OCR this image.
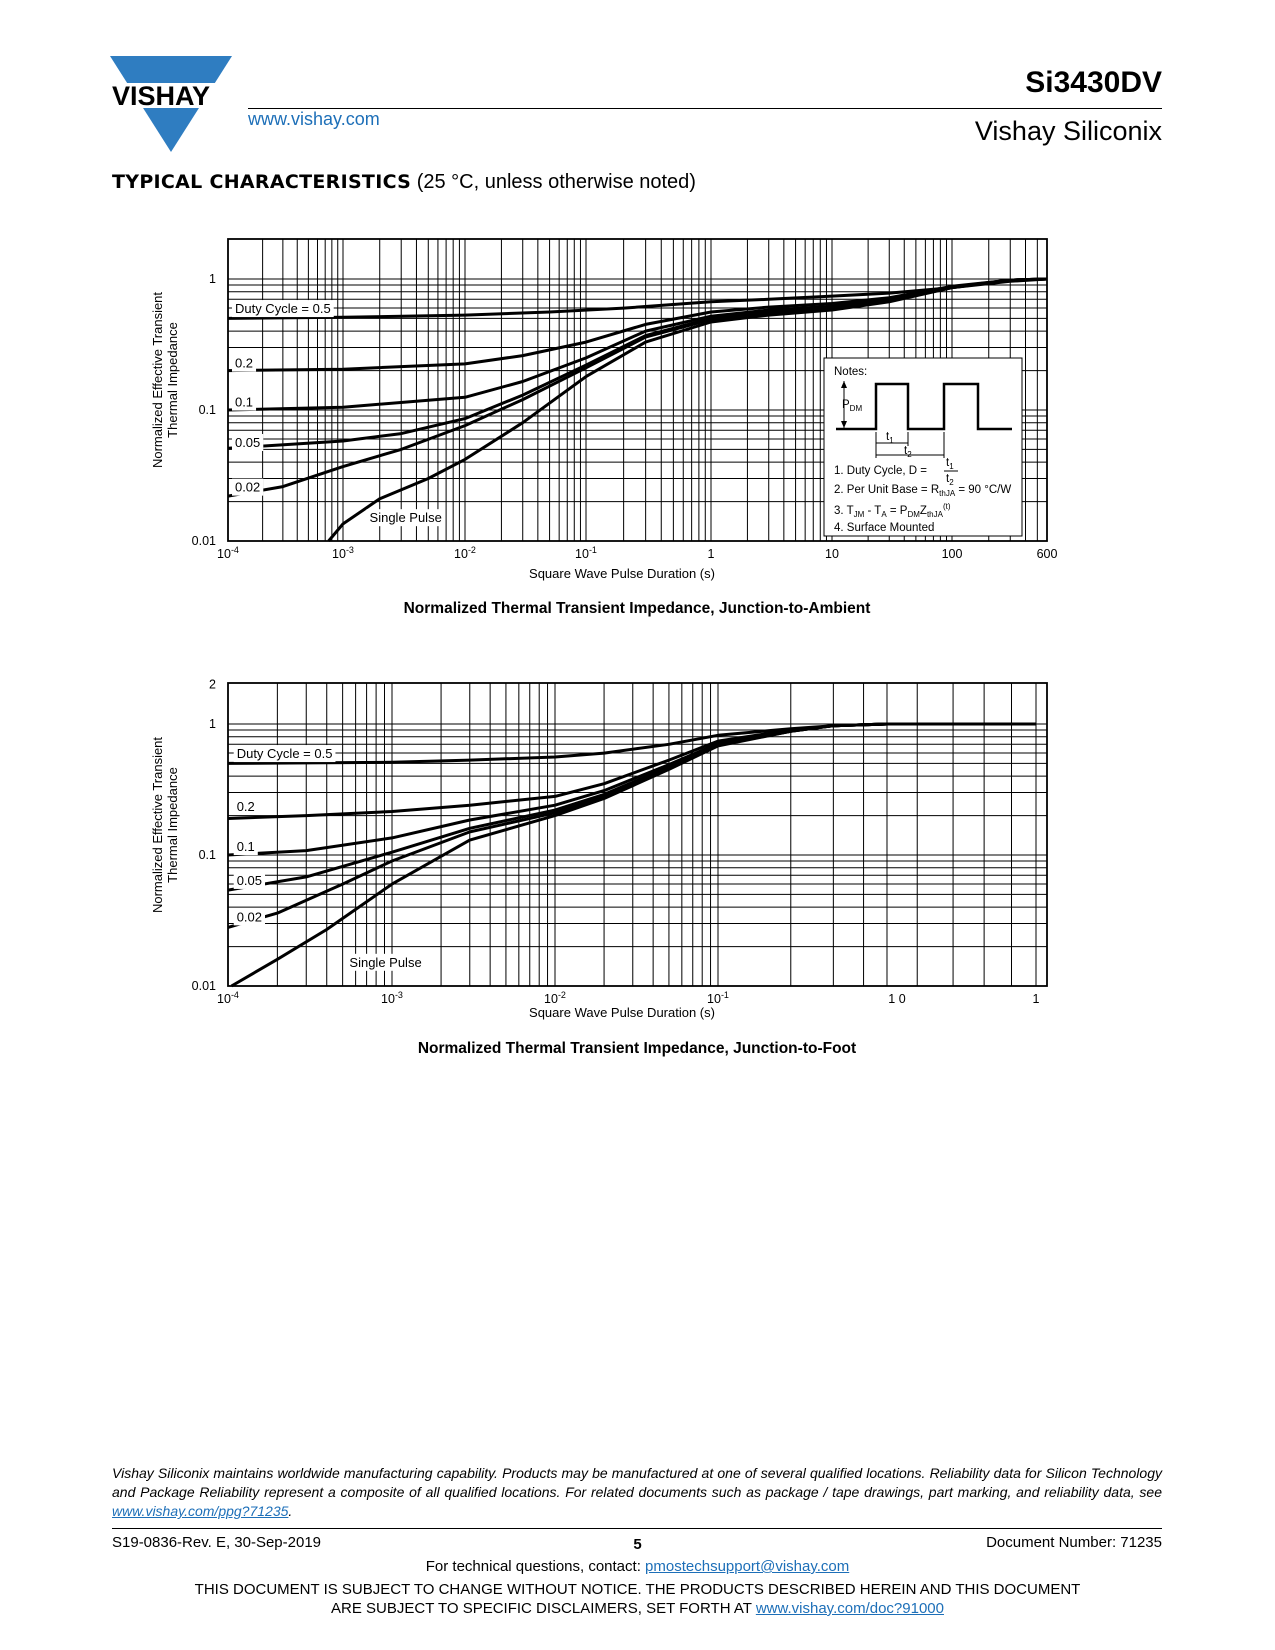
VISHAY
www.vishay.com
Si3430DV
Vishay Siliconix
TYPICAL CHARACTERISTICS (25 °C, unless otherwise noted)
Duty Cycle = 0.5
0.2
0.1
0.05
0.02
Single Pulse
$10^{-4}$	$10^{-3}$	$10^{-2}$	$10^{-1}$	1	10	100	600
0.01
0.1
1
Notes:
$P_{DM}$
$t_1$
$t_2$
1. Duty Cycle, D =
$t_1$
$t_2$
2. Per Unit Base = $R_{thJA} = 90$ °C/W
3. $T_{JM} - T_A = P_{DM}Z_{thJA}^{(t)}$
4. Surface Mounted
Square Wave Pulse Duration (s)
Normalized Effective Transient Thermal Impedance
Normalized Thermal Transient Impedance, Junction-to-Ambient
Duty Cycle = 0.5
0.2
0.1
0.05
0.02
Single Pulse
$10^{-4}$	$10^{-3}$	$10^{-2}$	$10^{-1}$	1 0	1
0.01
0.1
1
2
Square Wave Pulse Duration (s)
Normalized Effective Transient Thermal Impedance
Normalized Thermal Transient Impedance, Junction-to-Foot
Vishay Siliconix maintains worldwide manufacturing capability. Products may be manufactured at one of several qualified locations. Reliability data for Silicon Technology and Package Reliability represent a composite of all qualified locations. For related documents such as package / tape drawings, part marking, and reliability data, see www.vishay.com/ppg?71235.
S19-0836-Rev. E, 30-Sep-2019	5	Document Number: 71235
For technical questions, contact: pmostechsupport@vishay.com
THIS DOCUMENT IS SUBJECT TO CHANGE WITHOUT NOTICE. THE PRODUCTS DESCRIBED HEREIN AND THIS DOCUMENT
ARE SUBJECT TO SPECIFIC DISCLAIMERS, SET FORTH AT www.vishay.com/doc?91000
